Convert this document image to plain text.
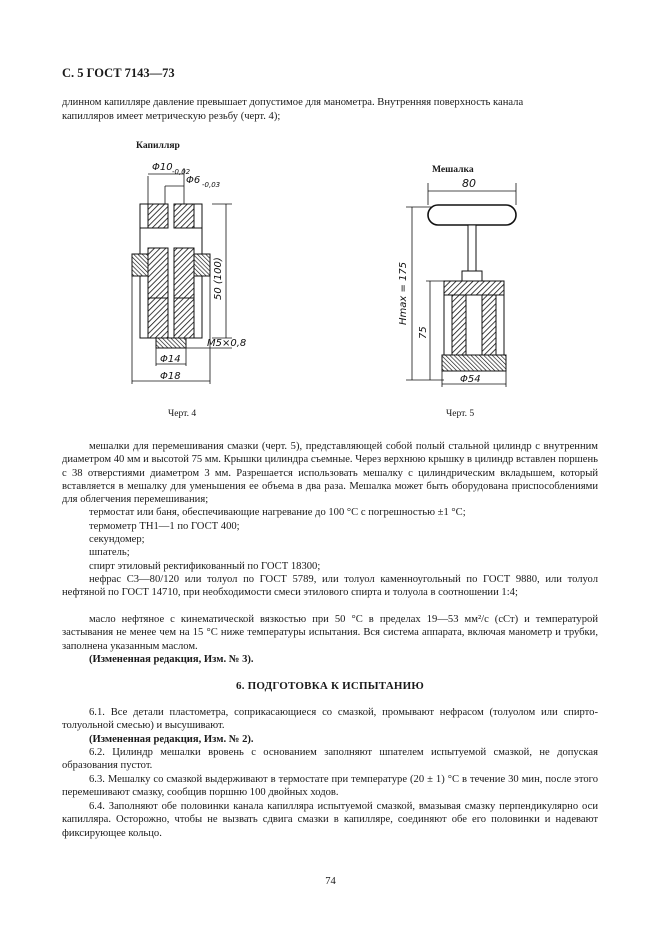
С. 5 ГОСТ 7143—73
длинном капилляре давление превышает допустимое для манометра. Внутренняя поверхность канала
капилляров имеет метрическую резьбу (черт. 4);
Капилляр
Φ10 -0,02
Φ6 -0,03
50 (100)
M5×0,8
Φ14
Φ18
Черт. 4
Мешалка
80
Hmax = 175
75
Φ54
Черт. 5
мешалки для перемешивания смазки (черт. 5), представляющей собой полый стальной цилиндр с внутренним диаметром 40 мм и высотой 75 мм. Крышки цилиндра съемные. Через верхнюю крышку в цилиндр вставлен поршень с 38 отверстиями диаметром 3 мм. Разрешается использовать мешалку с цилиндрическим вкладышем, который вставляется в мешалку для уменьшения ее объема в два раза. Мешалка может быть оборудована приспособлениями для облегчения перемешивания;
термостат или баня, обеспечивающие нагревание до 100 °С с погрешностью ±1 °С;
термометр ТН1—1 по ГОСТ 400;
секундомер;
шпатель;
спирт этиловый ректификованный по ГОСТ 18300;
нефрас С3—80/120 или толуол по ГОСТ 5789, или толуол каменноугольный по ГОСТ 9880, или толуол нефтяной по ГОСТ 14710, при необходимости смеси этилового спирта и толуола в соотношении 1:4;
масло нефтяное с кинематической вязкостью при 50 °С в пределах 19—53 мм²/с (сСт) и температурой застывания не менее чем на 15 °С ниже температуры испытания. Вся система аппарата, включая манометр и трубки, заполнена указанным маслом.
(Измененная редакция, Изм. № 3).
6. ПОДГОТОВКА К ИСПЫТАНИЮ
6.1. Все детали пластометра, соприкасающиеся со смазкой, промывают нефрасом (толуолом или спирто-толуольной смесью) и высушивают.
(Измененная редакция, Изм. № 2).
6.2. Цилиндр мешалки вровень с основанием заполняют шпателем испытуемой смазкой, не допуская образования пустот.
6.3. Мешалку со смазкой выдерживают в термостате при температуре (20 ± 1) °С в течение 30 мин, после этого перемешивают смазку, сообщив поршню 100 двойных ходов.
6.4. Заполняют обе половинки канала капилляра испытуемой смазкой, вмазывая смазку перпендикулярно оси капилляра. Осторожно, чтобы не вызвать сдвига смазки в капилляре, соединяют обе его половинки и надевают фиксирующее кольцо.
74
